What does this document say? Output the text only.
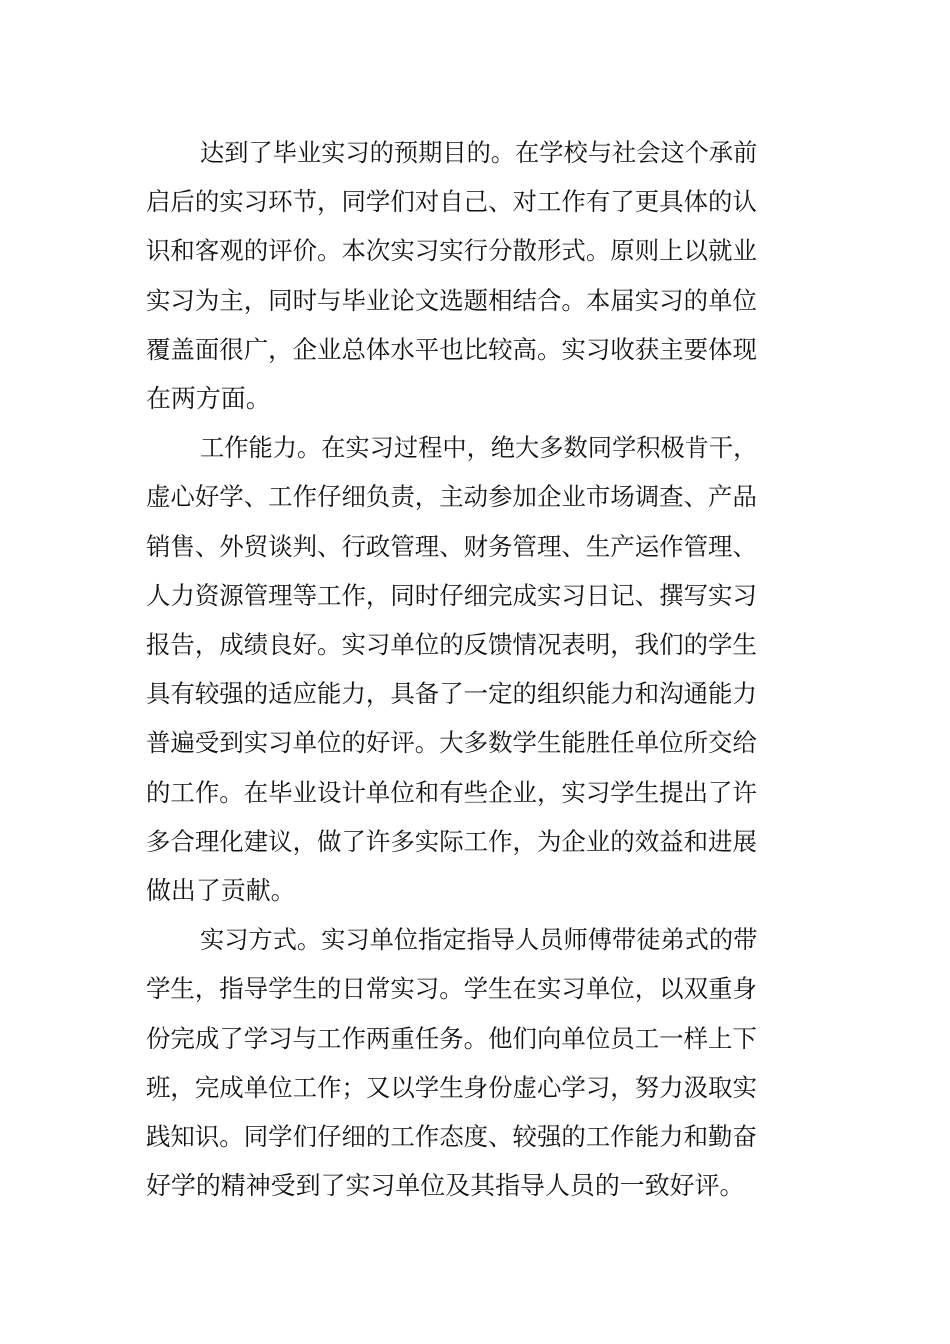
达到了毕业实习的预期目的。在学校与社会这个承前
启后的实习环节，同学们对自己、对工作有了更具体的认
识和客观的评价。本次实习实行分散形式。原则上以就业
实习为主，同时与毕业论文选题相结合。本届实习的单位
覆盖面很广，企业总体水平也比较高。实习收获主要体现
在两方面。

工作能力。在实习过程中，绝大多数同学积极肯干，
虚心好学、工作仔细负责，主动参加企业市场调查、产品
销售、外贸谈判、行政管理、财务管理、生产运作管理、
人力资源管理等工作，同时仔细完成实习日记、撰写实习
报告，成绩良好。实习单位的反馈情况表明，我们的学生
具有较强的适应能力，具备了一定的组织能力和沟通能力
普遍受到实习单位的好评。大多数学生能胜任单位所交给
的工作。在毕业设计单位和有些企业，实习学生提出了许
多合理化建议，做了许多实际工作，为企业的效益和进展
做出了贡献。

实习方式。实习单位指定指导人员师傅带徒弟式的带
学生，指导学生的日常实习。学生在实习单位，以双重身
份完成了学习与工作两重任务。他们向单位员工一样上下
班，完成单位工作；又以学生身份虚心学习，努力汲取实
践知识。同学们仔细的工作态度、较强的工作能力和勤奋
好学的精神受到了实习单位及其指导人员的一致好评。
